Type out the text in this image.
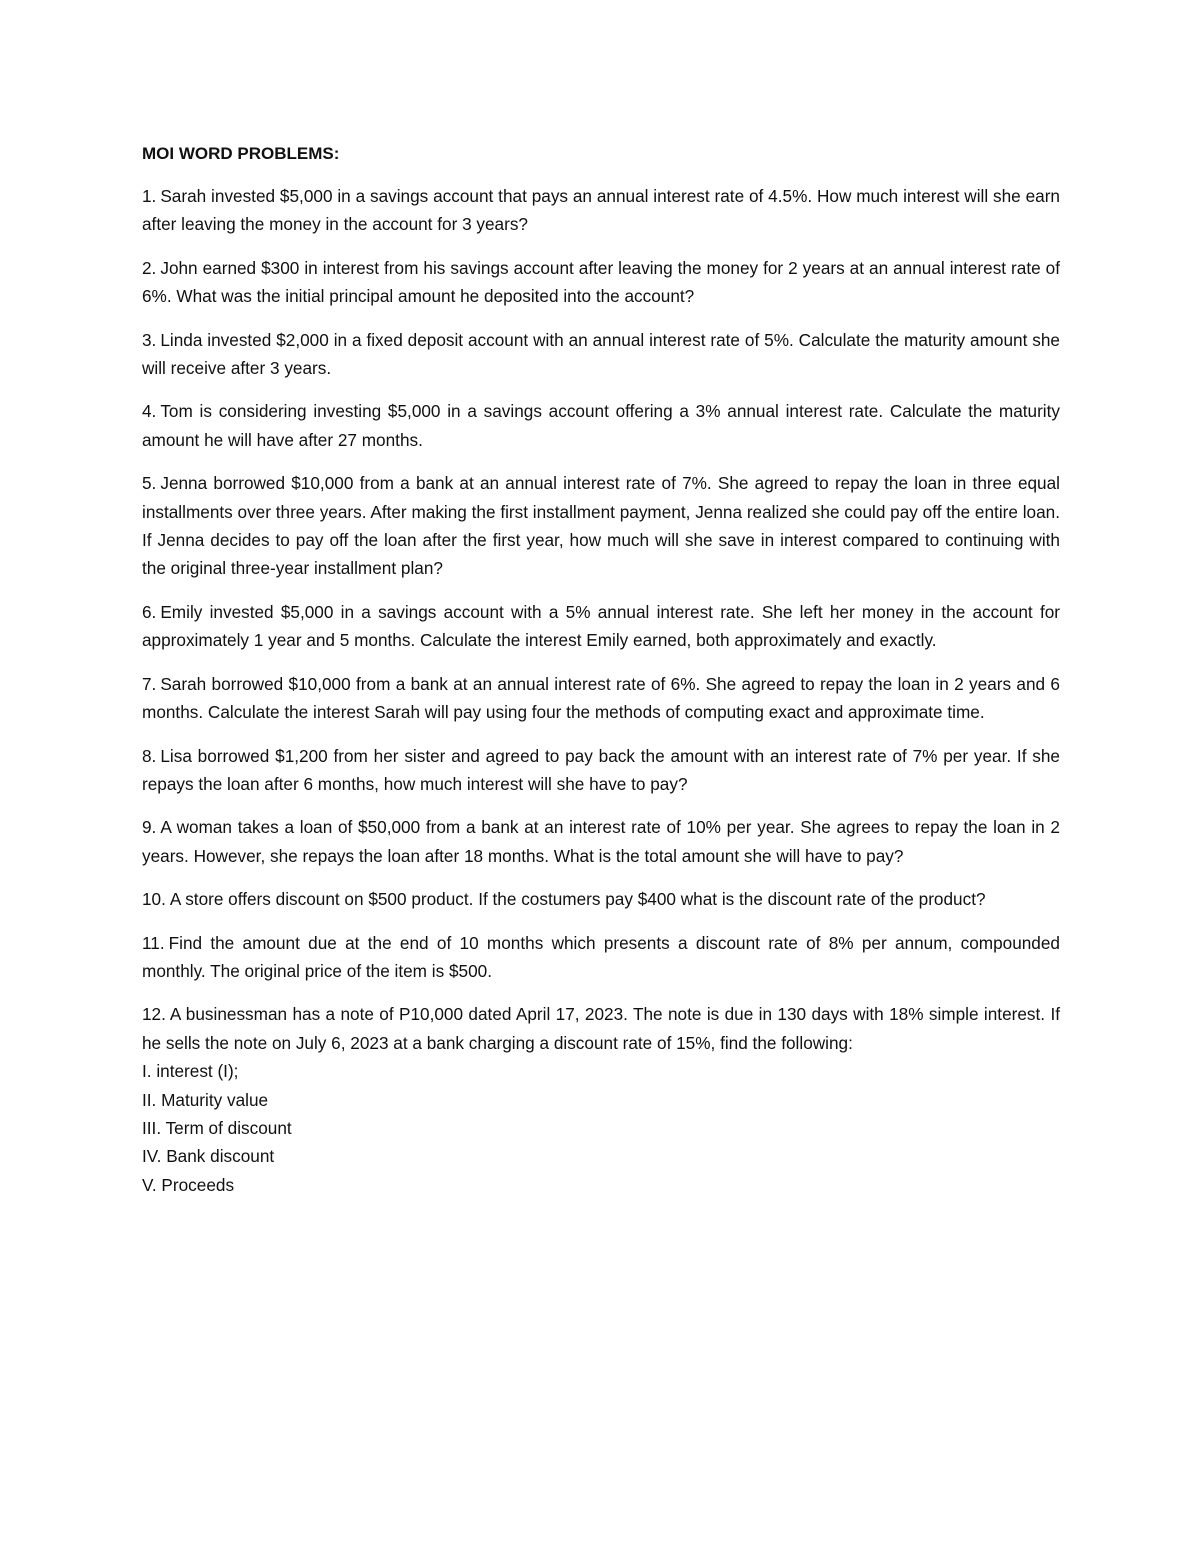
MOI WORD PROBLEMS:

1. Sarah invested $5,000 in a savings account that pays an annual interest rate of 4.5%. How much interest will she earn after leaving the money in the account for 3 years?

2. John earned $300 in interest from his savings account after leaving the money for 2 years at an annual interest rate of 6%. What was the initial principal amount he deposited into the account?

3. Linda invested $2,000 in a fixed deposit account with an annual interest rate of 5%. Calculate the maturity amount she will receive after 3 years.

4. Tom is considering investing $5,000 in a savings account offering a 3% annual interest rate. Calculate the maturity amount he will have after 27 months.

5. Jenna borrowed $10,000 from a bank at an annual interest rate of 7%. She agreed to repay the loan in three equal installments over three years. After making the first installment payment, Jenna realized she could pay off the entire loan. If Jenna decides to pay off the loan after the first year, how much will she save in interest compared to continuing with the original three-year installment plan?

6. Emily invested $5,000 in a savings account with a 5% annual interest rate. She left her money in the account for approximately 1 year and 5 months. Calculate the interest Emily earned, both approximately and exactly.

7. Sarah borrowed $10,000 from a bank at an annual interest rate of 6%. She agreed to repay the loan in 2 years and 6 months. Calculate the interest Sarah will pay using four the methods of computing exact and approximate time.

8. Lisa borrowed $1,200 from her sister and agreed to pay back the amount with an interest rate of 7% per year. If she repays the loan after 6 months, how much interest will she have to pay?

9. A woman takes a loan of $50,000 from a bank at an interest rate of 10% per year. She agrees to repay the loan in 2 years. However, she repays the loan after 18 months. What is the total amount she will have to pay?

10. A store offers discount on $500 product. If the costumers pay $400 what is the discount rate of the product?

11. Find the amount due at the end of 10 months which presents a discount rate of 8% per annum, compounded monthly. The original price of the item is $500.

12. A businessman has a note of P10,000 dated April 17, 2023. The note is due in 130 days with 18% simple interest. If he sells the note on July 6, 2023 at a bank charging a discount rate of 15%, find the following:

I. interest (I);
II. Maturity value
III. Term of discount
IV. Bank discount
V. Proceeds
